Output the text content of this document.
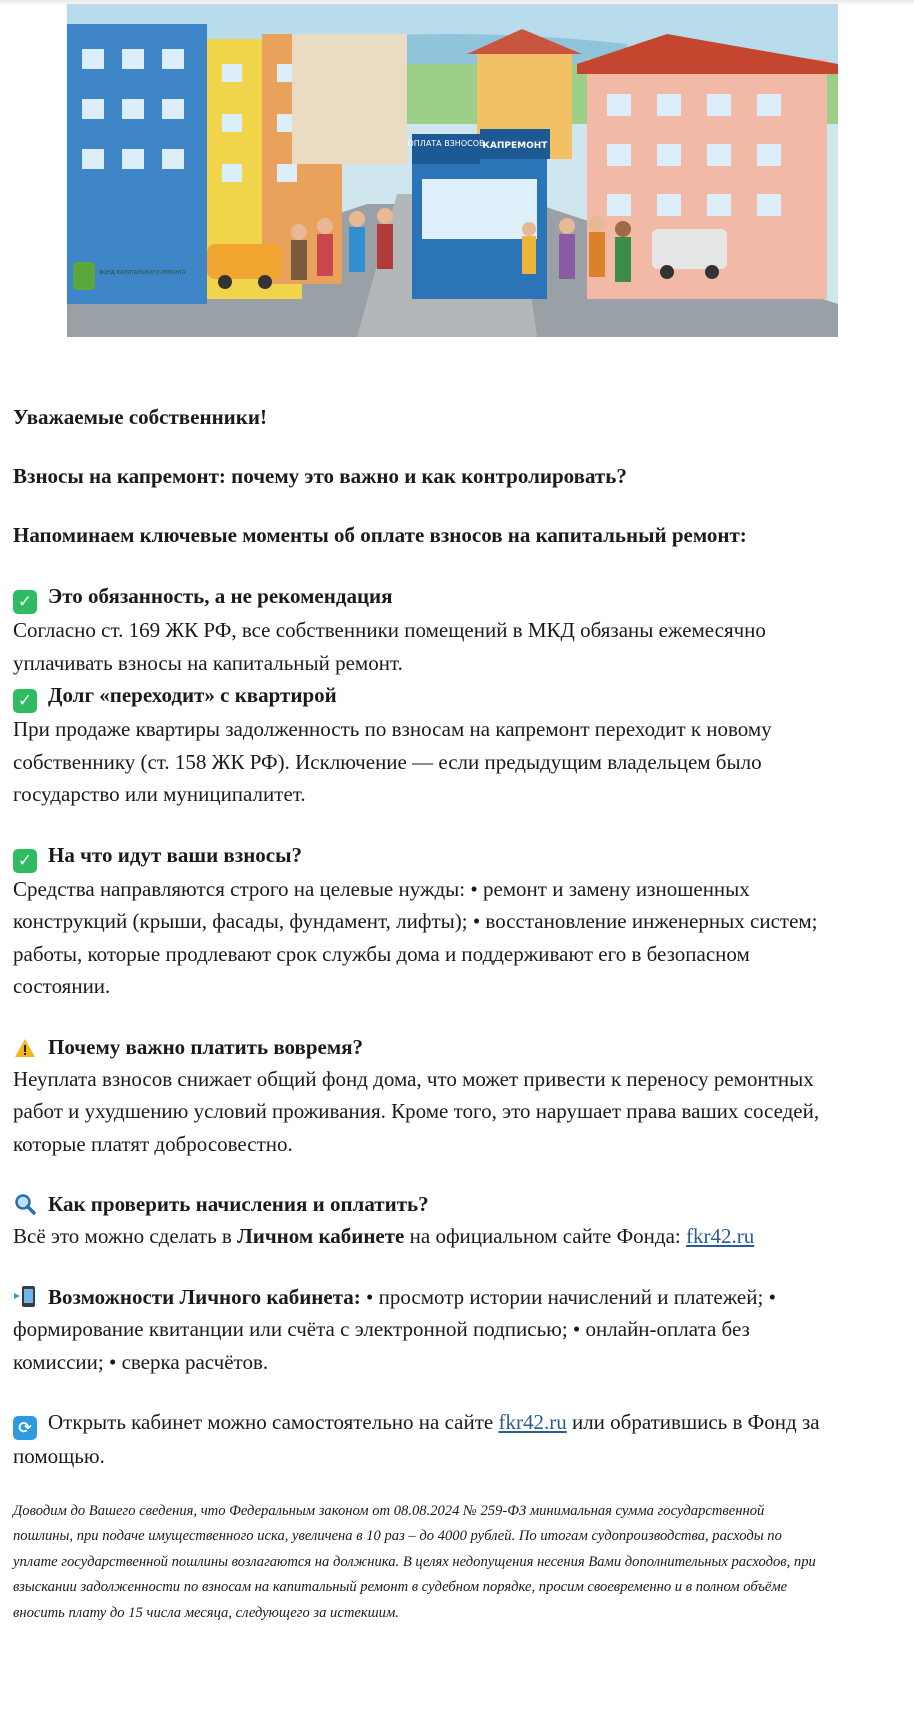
ОПЛАТА ВЗНОСОВ
КАПРЕМОНТ
ФОНД КАПИТАЛЬНОГО РЕМОНТА

Уважаемые собственники!

Взносы на капремонт: почему это важно и как контролировать?

Напоминаем ключевые моменты об оплате взносов на капитальный ремонт:

✓ Это обязанность, а не рекомендация

Согласно ст. 169 ЖК РФ, все собственники помещений в МКД обязаны ежемесячно

уплачивать взносы на капитальный ремонт.

✓ Долг «переходит» с квартирой

При продаже квартиры задолженность по взносам на капремонт переходит к новому

собственнику (ст. 158 ЖК РФ). Исключение — если предыдущим владельцем было

государство или муниципалитет.

✓ На что идут ваши взносы?

Средства направляются строго на целевые нужды: • ремонт и замену изношенных

конструкций (крыши, фасады, фундамент, лифты); • восстановление инженерных систем;

работы, которые продлевают срок службы дома и поддерживают его в безопасном

состоянии.

Почему важно платить вовремя?

Неуплата взносов снижает общий фонд дома, что может привести к переносу ремонтных

работ и ухудшению условий проживания. Кроме того, это нарушает права ваших соседей,

которые платят добросовестно.

Как проверить начисления и оплатить?

Всё это можно сделать в Личном кабинете на официальном сайте Фонда: fkr42.ru

Возможности Личного кабинета: • просмотр истории начислений и платежей; •

формирование квитанции или счёта с электронной подписью; • онлайн-оплата без

комиссии; • сверка расчётов.

⟳ Открыть кабинет можно самостоятельно на сайте fkr42.ru или обратившись в Фонд за

помощью.

Доводим до Вашего сведения, что Федеральным законом от 08.08.2024 № 259-ФЗ минимальная сумма государственной

пошлины, при подаче имущественного иска, увеличена в 10 раз – до 4000 рублей. По итогам судопроизводства, расходы по

уплате государственной пошлины возлагаются на должника. В целях недопущения несения Вами дополнительных расходов, при

взыскании задолженности по взносам на капитальный ремонт в судебном порядке, просим своевременно и в полном объёме

вносить плату до 15 числа месяца, следующего за истекшим.
